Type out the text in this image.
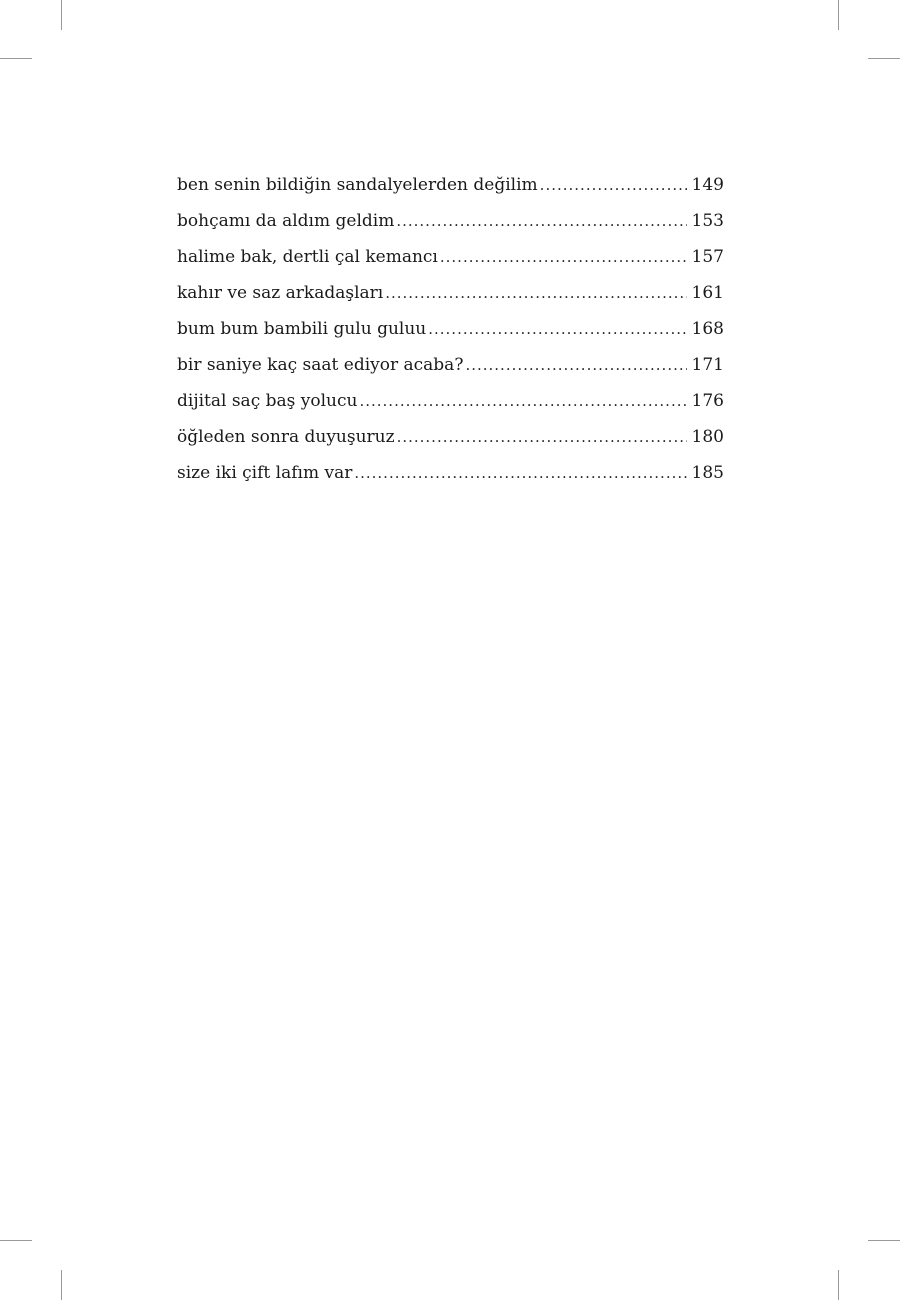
ben senin bildiğin sandalyelerden değilim .....	149
bohçamı da aldım geldim .....	153
halime bak, dertli çal kemancı .....	157
kahır ve saz arkadaşları .....	161
bum bum bambili gulu guluu .....	168
bir saniye kaç saat ediyor acaba? .....	171
dijital saç baş yolucu .....	176
öğleden sonra duyuşuruz .....	180
size iki çift lafım var .....	185
